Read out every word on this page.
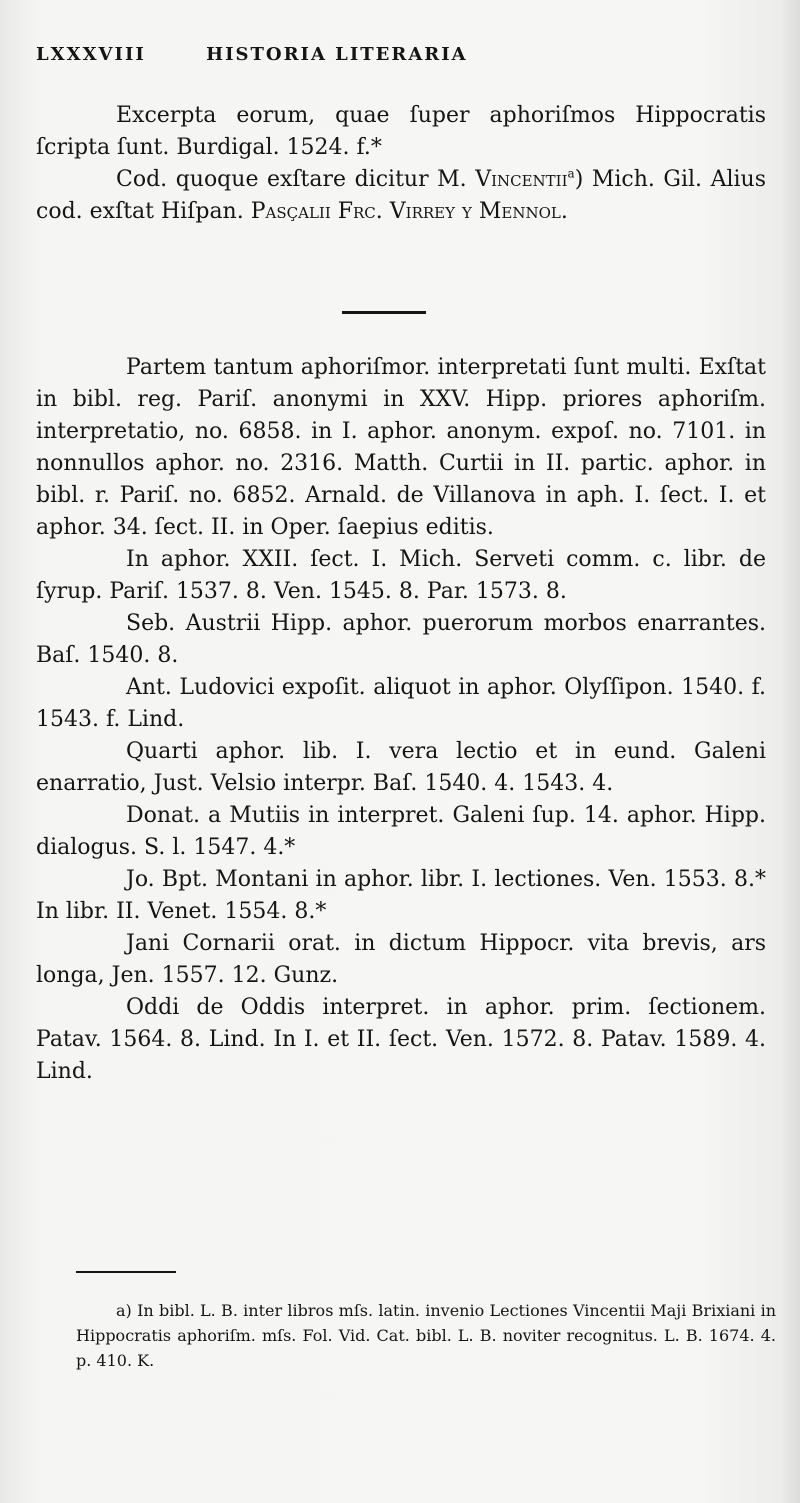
LXXXVIII	HISTORIA LITERARIA

Excerpta eorum, quae ſuper aphoriſmos Hippocratis ſcripta ſunt. Burdigal. 1524. f.*

Cod. quoque exſtare dicitur M. Vincentii$^a$) Mich. Gil. Alius cod. exſtat Hiſpan. Pasçalii Frc. Virrey y Mennol.

Partem tantum aphoriſmor. interpretati ſunt multi. Exſtat in bibl. reg. Pariſ. anonymi in XXV. Hipp. priores aphoriſm. interpretatio, no. 6858. in I. aphor. anonym. expoſ. no. 7101. in nonnullos aphor. no. 2316. Matth. Curtii in II. partic. aphor. in bibl. r. Pariſ. no. 6852. Arnald. de Villanova in aph. I. ſect. I. et aphor. 34. ſect. II. in Oper. ſaepius editis.

In aphor. XXII. ſect. I. Mich. Serveti comm. c. libr. de ſyrup. Pariſ. 1537. 8. Ven. 1545. 8. Par. 1573. 8.

Seb. Austrii Hipp. aphor. puerorum morbos enarrantes. Baſ. 1540. 8.

Ant. Ludovici expoſit. aliquot in aphor. Olyſſipon. 1540. f. 1543. f. Lind.

Quarti aphor. lib. I. vera lectio et in eund. Galeni enarratio, Just. Velsio interpr. Baſ. 1540. 4. 1543. 4.

Donat. a Mutiis in interpret. Galeni ſup. 14. aphor. Hipp. dialogus. S. l. 1547. 4.*

Jo. Bpt. Montani in aphor. libr. I. lectiones. Ven. 1553. 8.* In libr. II. Venet. 1554. 8.*

Jani Cornarii orat. in dictum Hippocr. vita brevis, ars longa, Jen. 1557. 12. Gunz.

Oddi de Oddis interpret. in aphor. prim. ſectionem. Patav. 1564. 8. Lind. In I. et II. ſect. Ven. 1572. 8. Patav. 1589. 4. Lind.

a) In bibl. L. B. inter libros mſs. latin. invenio Lectiones Vincentii Maji Brixiani in Hippocratis aphoriſm. mſs. Fol. Vid. Cat. bibl. L. B. noviter recognitus. L. B. 1674. 4. p. 410. K.
